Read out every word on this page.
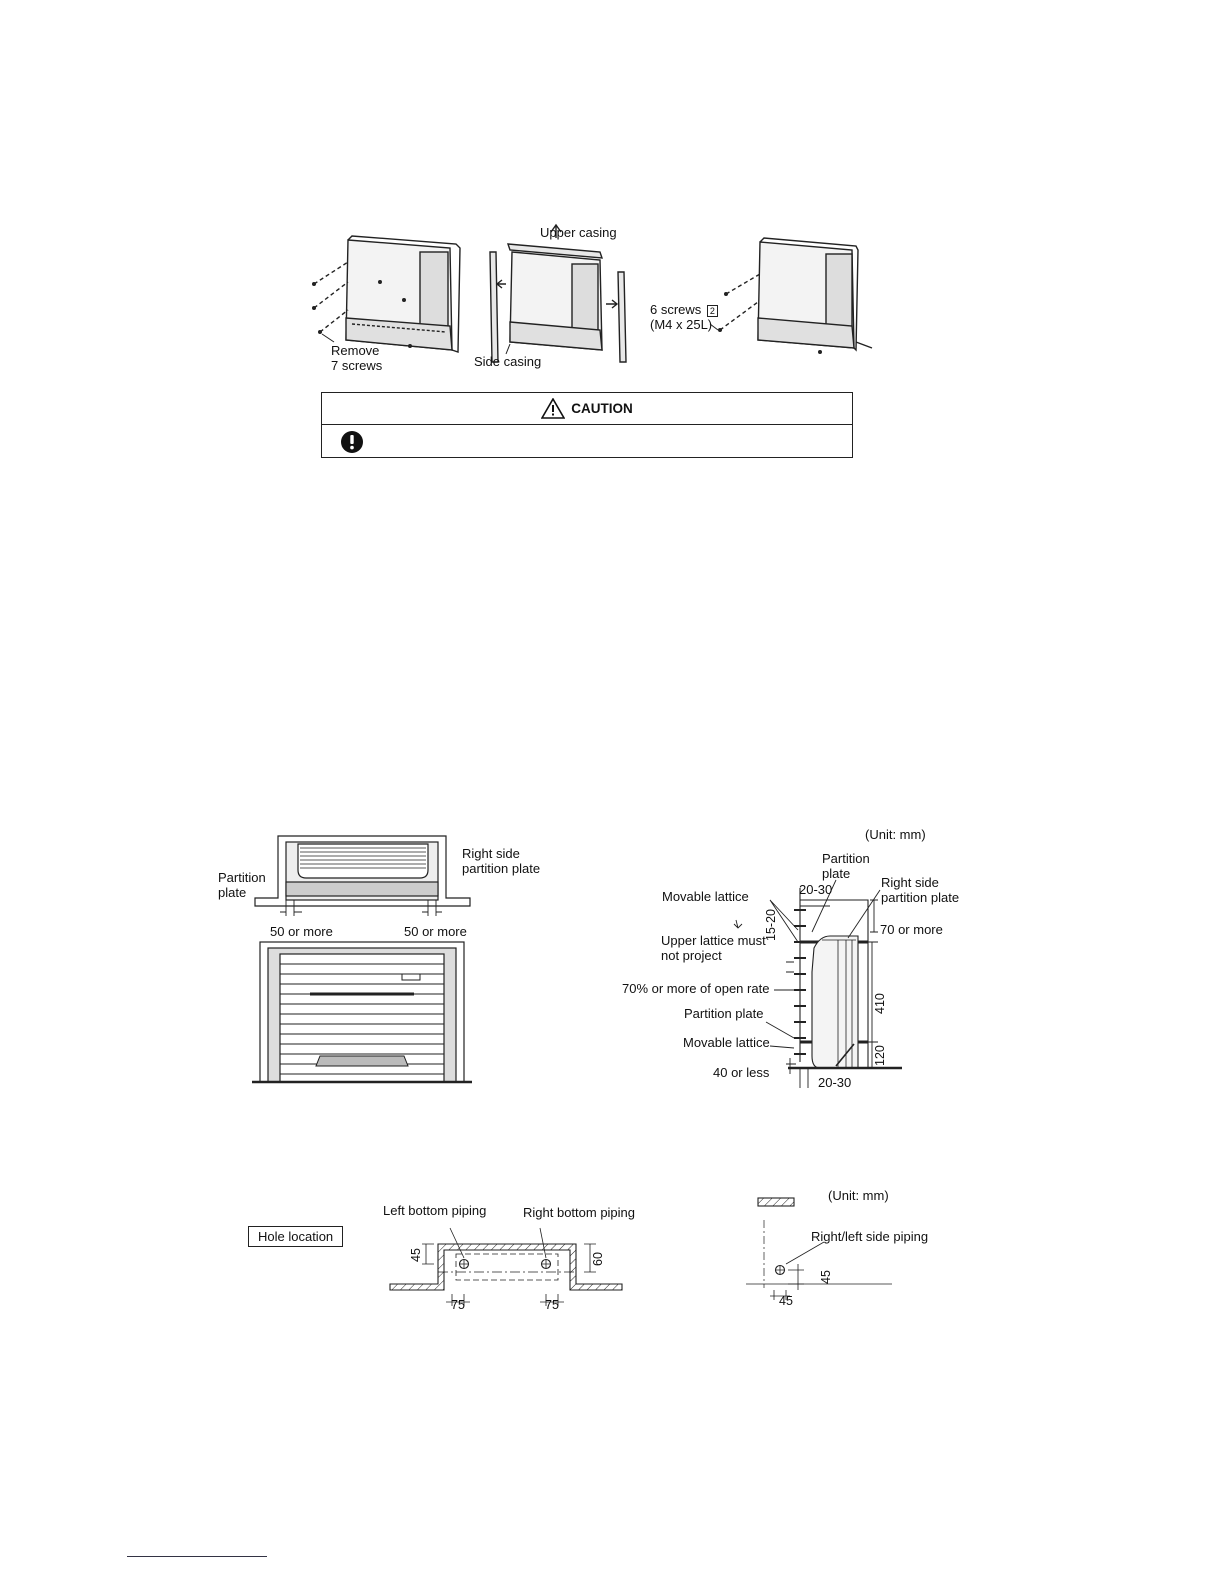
Upper casing
Remove
7 screws	Side casing
6 screws 2
(M4 x 25L)
CAUTION
Partition
plate
Right side
partition plate
50 or more	50 or more
(Unit: mm)
Partition
plate
20-30	Right side
partition plate
Movable lattice
70 or more
Upper lattice must
not project
15-20
70% or more of open rate
410
Partition plate
Movable lattice
120
40 or less
20-30
Hole location
Left bottom piping	Right bottom piping
45	60
75	75
(Unit: mm)
Right/left side piping
45
45
